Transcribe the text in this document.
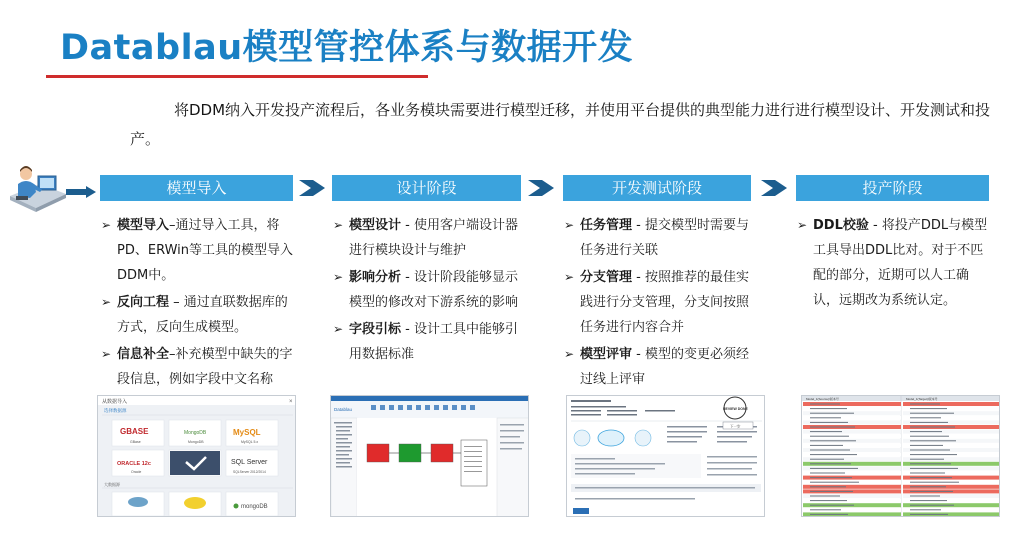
Datablau模型管控体系与数据开发
将DDM纳入开发投产流程后，各业务模块需要进行模型迁移，并使用平台提供的典型能力进行进行模型设计、开发测试和投产。
模型导入	设计阶段	开发测试阶段	投产阶段
➢ 模型导入–通过导入工具，将PD、ERWin等工具的模型导入DDM中。
➢ 反向工程 – 通过直联数据库的方式，反向生成模型。
➢ 信息补全–补充模型中缺失的字段信息，例如字段中文名称
➢ 模型设计 - 使用客户端设计器进行模块设计与维护
➢ 影响分析 - 设计阶段能够显示模型的修改对下游系统的影响
➢ 字段引标 - 设计工具中能够引用数据标准
➢ 任务管理 - 提交模型时需要与任务进行关联
➢ 分支管理 - 按照推荐的最佳实践进行分支管理，分支间按照任务进行内容合并
➢ 模型评审 - 模型的变更必须经过线上评审
➢ DDL校验 - 将投产DDL与模型工具导出DDL比对。对于不匹配的部分，近期可以人工确认，远期改为系统认定。
从数据导入	×
选择数据源
GBASE
GBase
MongoDB
MongoDB
MySQL
MySQL 5.x
ORACLE 12c
Oracle
SQL Server
SQLServer 2012/2014
大数据源
mongoDB
Datablau	REVIEW DONE
下一步
Model_1(Source)/版本号	Model_1(Target)/版本号
